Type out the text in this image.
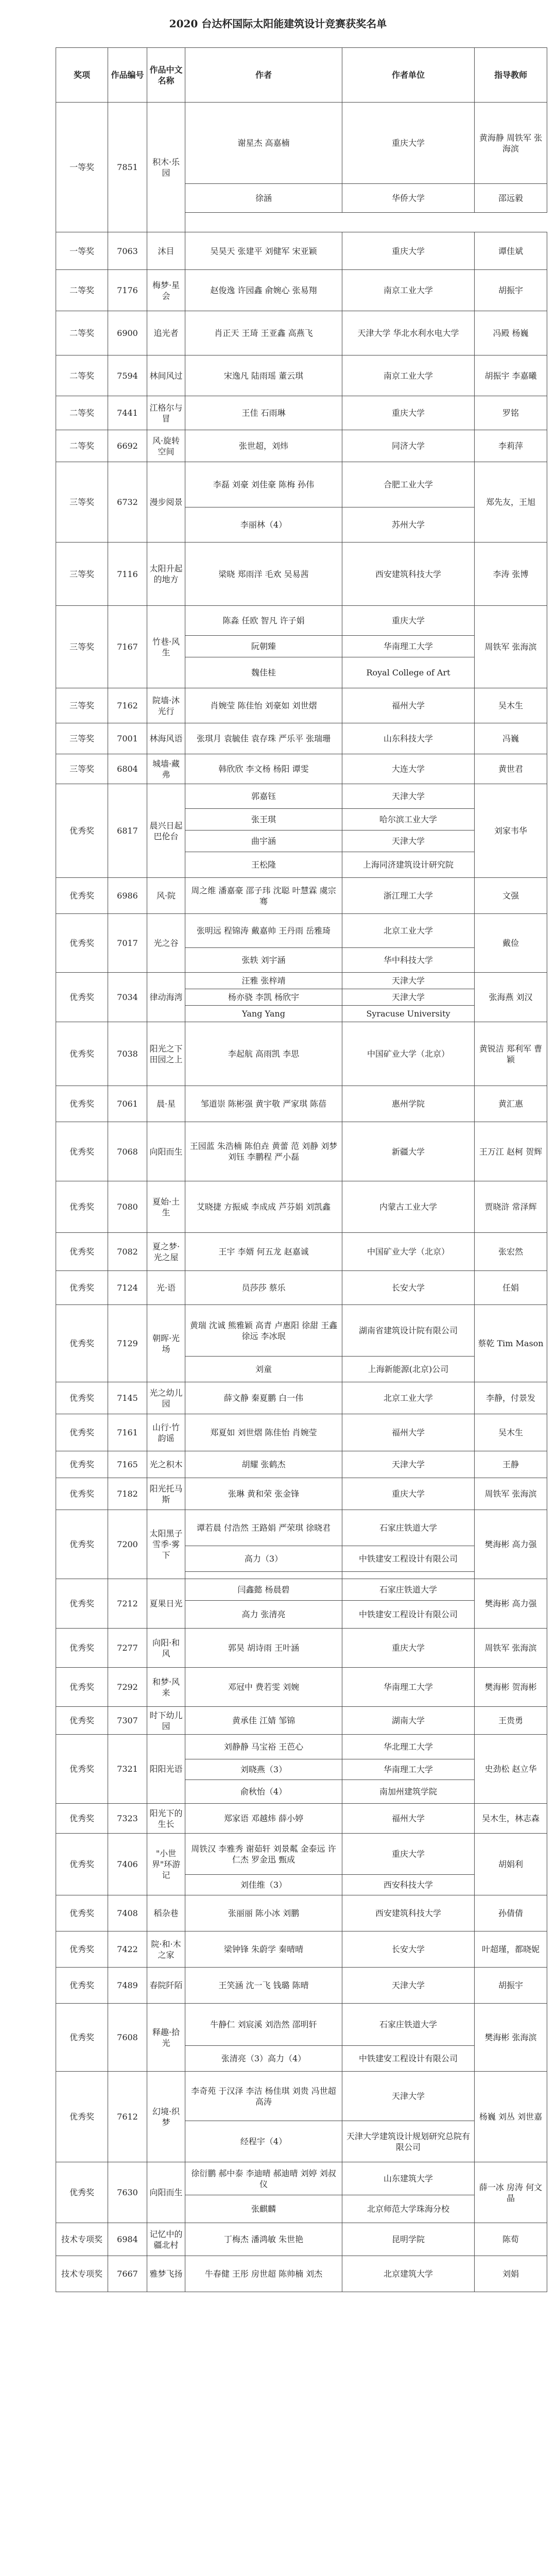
2020 台达杯国际太阳能建筑设计竞赛获奖名单
奖项	作品编号	作品中文名称	作者	作者单位	指导教师
一等奖	7851	积木·乐园	谢星杰 高嘉楠	重庆大学	黄海静 周铁军 张海滨
			徐涵	华侨大学	邵远毅

一等奖	7063	沐目	吴昊天 张建平 刘健军 宋亚颖	重庆大学	谭佳斌
二等奖	7176	梅梦·星会	赵俊逸 许园鑫 俞婉心 张易翔	南京工业大学	胡振宇
二等奖	6900	追光者	肖正天 王琦 王亚鑫 高燕飞	天津大学 华北水利水电大学	冯殿 杨巍
二等奖	7594	林间风过	宋逸凡 陆雨瑶 董云琪	南京工业大学	胡振宇 李嘉曦
二等奖	7441	江格尔与冒	王佳 石雨琳	重庆大学	罗铭
二等奖	6692	风·旋转空间	张世超，刘炜	同济大学	李莉萍
三等奖	6732	漫步阅景	李磊 刘豪 刘佳豪 陈梅 孙伟	合肥工业大学	郑先友，王旭
			李丽林（4）	苏州大学	
三等奖	7116	太阳升起的地方	梁晓 郑雨洋 毛欢 吴易茜	西安建筑科技大学	李涛 张博
三等奖	7167	竹巷·风生	陈淼 任欧 智凡 许子娟	重庆大学	周铁军 张海滨
			阮朝臻	华南理工大学	
			魏佳桂	Royal College of Art	
三等奖	7162	院墙·沐光行	肖婉莹 陈佳怡 刘豪如 刘世熠	福州大学	吴木生
三等奖	7001	林海风语	张琪月 袁毓佳 袁存珠 严乐平 张瑞珊	山东科技大学	冯巍
三等奖	6804	城墙·藏弗	韩欣欣 李文杨 杨阳 谭雯	大连大学	黄世君
优秀奖	6817	晨兴日起巴伦台	郭嘉钰	天津大学	刘家韦华
			张王琪	哈尔滨工业大学	
			曲宇涵	天津大学	
			王松隆	上海同济建筑设计研究院	
优秀奖	6986	风·院	周之维 潘嘉豪 邵子玮 沈聪 叶慧霖 虞宗骞	浙江理工大学	文强
优秀奖	7017	光之谷	张明远 程锦涛 戴嘉帅 王丹雨 岳雅琦	北京工业大学	戴俭
			张轶 刘宇涵	华中科技大学	
优秀奖	7034	律动海湾	汪雅 张梓靖	天津大学	张海燕 刘汉
			杨亦骁 李凯 杨欣宇	天津大学	
			Yang Yang	Syracuse University	
优秀奖	7038	阳光之下 田园之上	李起航 高雨凯 李思	中国矿业大学（北京）	黄锐洁 郑利军 曹颖
优秀奖	7061	晨·星	邹道崇 陈彬强 黄宇敬 严家琪 陈蓓	惠州学院	黄汇惠
优秀奖	7068	向阳而生	王园蓝 朱浩楠 陈伯垚 黄蕾 范 刘静 刘梦 刘钰 李鹏程 严小磊	新疆大学	王万江 赵柯 贺辉
优秀奖	7080	夏始·土生	艾晓捷 方振威 李成成 芦芬娟 刘凯鑫	内蒙古工业大学	贾晓浒 常泽辉
优秀奖	7082	夏之梦·光之屋	王宇 李婿 何五龙 赵嘉诚	中国矿业大学（北京）	张宏然
优秀奖	7124	光·语	员莎莎 蔡乐	长安大学	任娟
优秀奖	7129	朝晖·光场	黄瑞 沈诚 熊雅颖 高青 卢惠阳 徐甜 王鑫 徐远 李冰珉	湖南省建筑设计院有限公司	蔡乾 Tim Mason
			刘童	上海新能源(北京)公司	
优秀奖	7145	光之幼儿园	薛文静 秦夏鹏 白一伟	北京工业大学	李静，付景发
优秀奖	7161	山行·竹韵谣	郑夏如 刘世熠 陈佳怡 肖婉莹	福州大学	吴木生
优秀奖	7165	光之积木	胡耀 张鹤杰	天津大学	王静
优秀奖	7182	阳光托马斯	张琳 黄和荣 张金锋	重庆大学	周铁军 张海滨
优秀奖	7200	太阳黑子 雪季·雾下	谭若晨 付浩然 王路娟 严荣琪 徐晓君	石家庄铁道大学	樊海彬 高力强
			高力（3）	中铁建安工程设计有限公司	

优秀奖	7212	夏果日光	闫鑫懿 杨晨碧	石家庄铁道大学	樊海彬 高力强
			高力 张清亮	中铁建安工程设计有限公司	
优秀奖	7277	向阳·和风	郭昊 胡诗雨 王叶涵	重庆大学	周铁军 张海滨
优秀奖	7292	和梦·风来	邓冠中 费若雯 刘婉	华南理工大学	樊海彬 贺海彬
优秀奖	7307	时下幼儿园	黄承佳 江婧 邹锦	湖南大学	王贵勇
优秀奖	7321	阳阳光语	刘静静 马宝裕 王芭心	华北理工大学	史劲松 赵立华
			刘晓燕（3）	华南理工大学	
			俞秋怡（4）	南加州建筑学院	
优秀奖	7323	阳光下的生长	郑家语 邓越炜 薛小婷	福州大学	吴木生，林志森
优秀奖	7406	"小世界"环游记	周铁汉 李雅秀 谢茹轩 刘景粼 金泰远 许仁杰 罗金迅 甄成	重庆大学	胡娟利
			刘佳维（3）	西安科技大学	
优秀奖	7408	稻杂巷	张丽丽 陈小冰 刘鹏	西安建筑科技大学	孙倩倩
优秀奖	7422	院·和·木之家	梁钟锋 朱蔚学 秦晴晴	长安大学	叶超瑾，都晓妮
优秀奖	7489	春院阡陌	王笑涵 沈一飞 钱璐 陈晴	天津大学	胡振宇
优秀奖	7608	释趣·拾光	牛静仁 刘宸溪 刘浩然 邵明轩	石家庄铁道大学	樊海彬 张海滨
			张清亮（3）高力（4）	中铁建安工程设计有限公司	
优秀奖	7612	幻境·织梦	李奇苑 于汉泽 李洁 杨佳琪 刘贵 冯世超 高涛	天津大学	杨巍 刘丛 刘世嘉
			经程宇（4）	天津大学建筑设计规划研究总院有限公司	
优秀奖	7630	向阳而生	徐衍鹏 郝中泰 李迪晴 郝迪晴 刘婷 刘叔仪	山东建筑大学	薛一冰 房涛 何文晶
			张麒麟	北京师范大学珠海分校	
技术专项奖	6984	记忆中的疆北村	丁梅杰 潘鸿敏 朱世艳	昆明学院	陈荀
技术专项奖	7667	雅梦飞扬	牛春健 王彤 房世超 陈帅楠 刘杰	北京建筑大学	刘娟
